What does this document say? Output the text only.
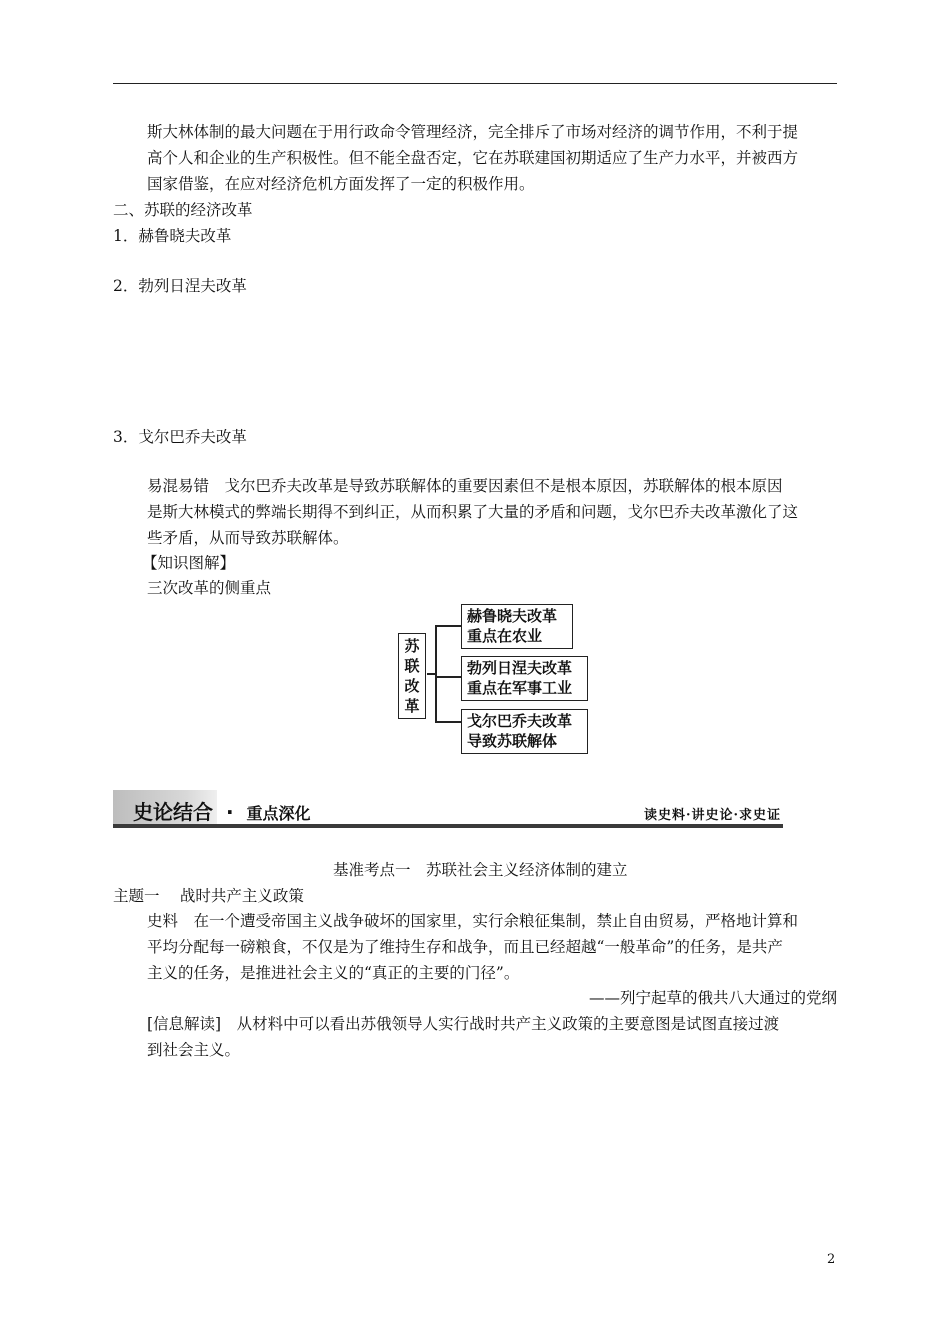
斯大林体制的最大问题在于用行政命令管理经济，完全排斥了市场对经济的调节作用，不利于提
高个人和企业的生产积极性。但不能全盘否定，它在苏联建国初期适应了生产力水平，并被西方
国家借鉴，在应对经济危机方面发挥了一定的积极作用。
二、苏联的经济改革
1．赫鲁晓夫改革
2．勃列日涅夫改革
3．戈尔巴乔夫改革
易混易错　戈尔巴乔夫改革是导致苏联解体的重要因素但不是根本原因，苏联解体的根本原因
是斯大林模式的弊端长期得不到纠正，从而积累了大量的矛盾和问题，戈尔巴乔夫改革激化了这
些矛盾，从而导致苏联解体。
【知识图解】
三次改革的侧重点
苏
联
改
革
赫鲁晓夫改革
重点在农业
勃列日涅夫改革
重点在军事工业
戈尔巴乔夫改革
导致苏联解体
史论结合 · 重点深化	读史料·讲史论·求史证
基准考点一　苏联社会主义经济体制的建立
主题一　 战时共产主义政策
史料　在一个遭受帝国主义战争破坏的国家里，实行余粮征集制，禁止自由贸易，严格地计算和
平均分配每一磅粮食，不仅是为了维持生存和战争，而且已经超越“一般革命”的任务，是共产
主义的任务，是推进社会主义的“真正的主要的门径”。
——列宁起草的俄共八大通过的党纲
[信息解读]　从材料中可以看出苏俄领导人实行战时共产主义政策的主要意图是试图直接过渡
到社会主义。
2
